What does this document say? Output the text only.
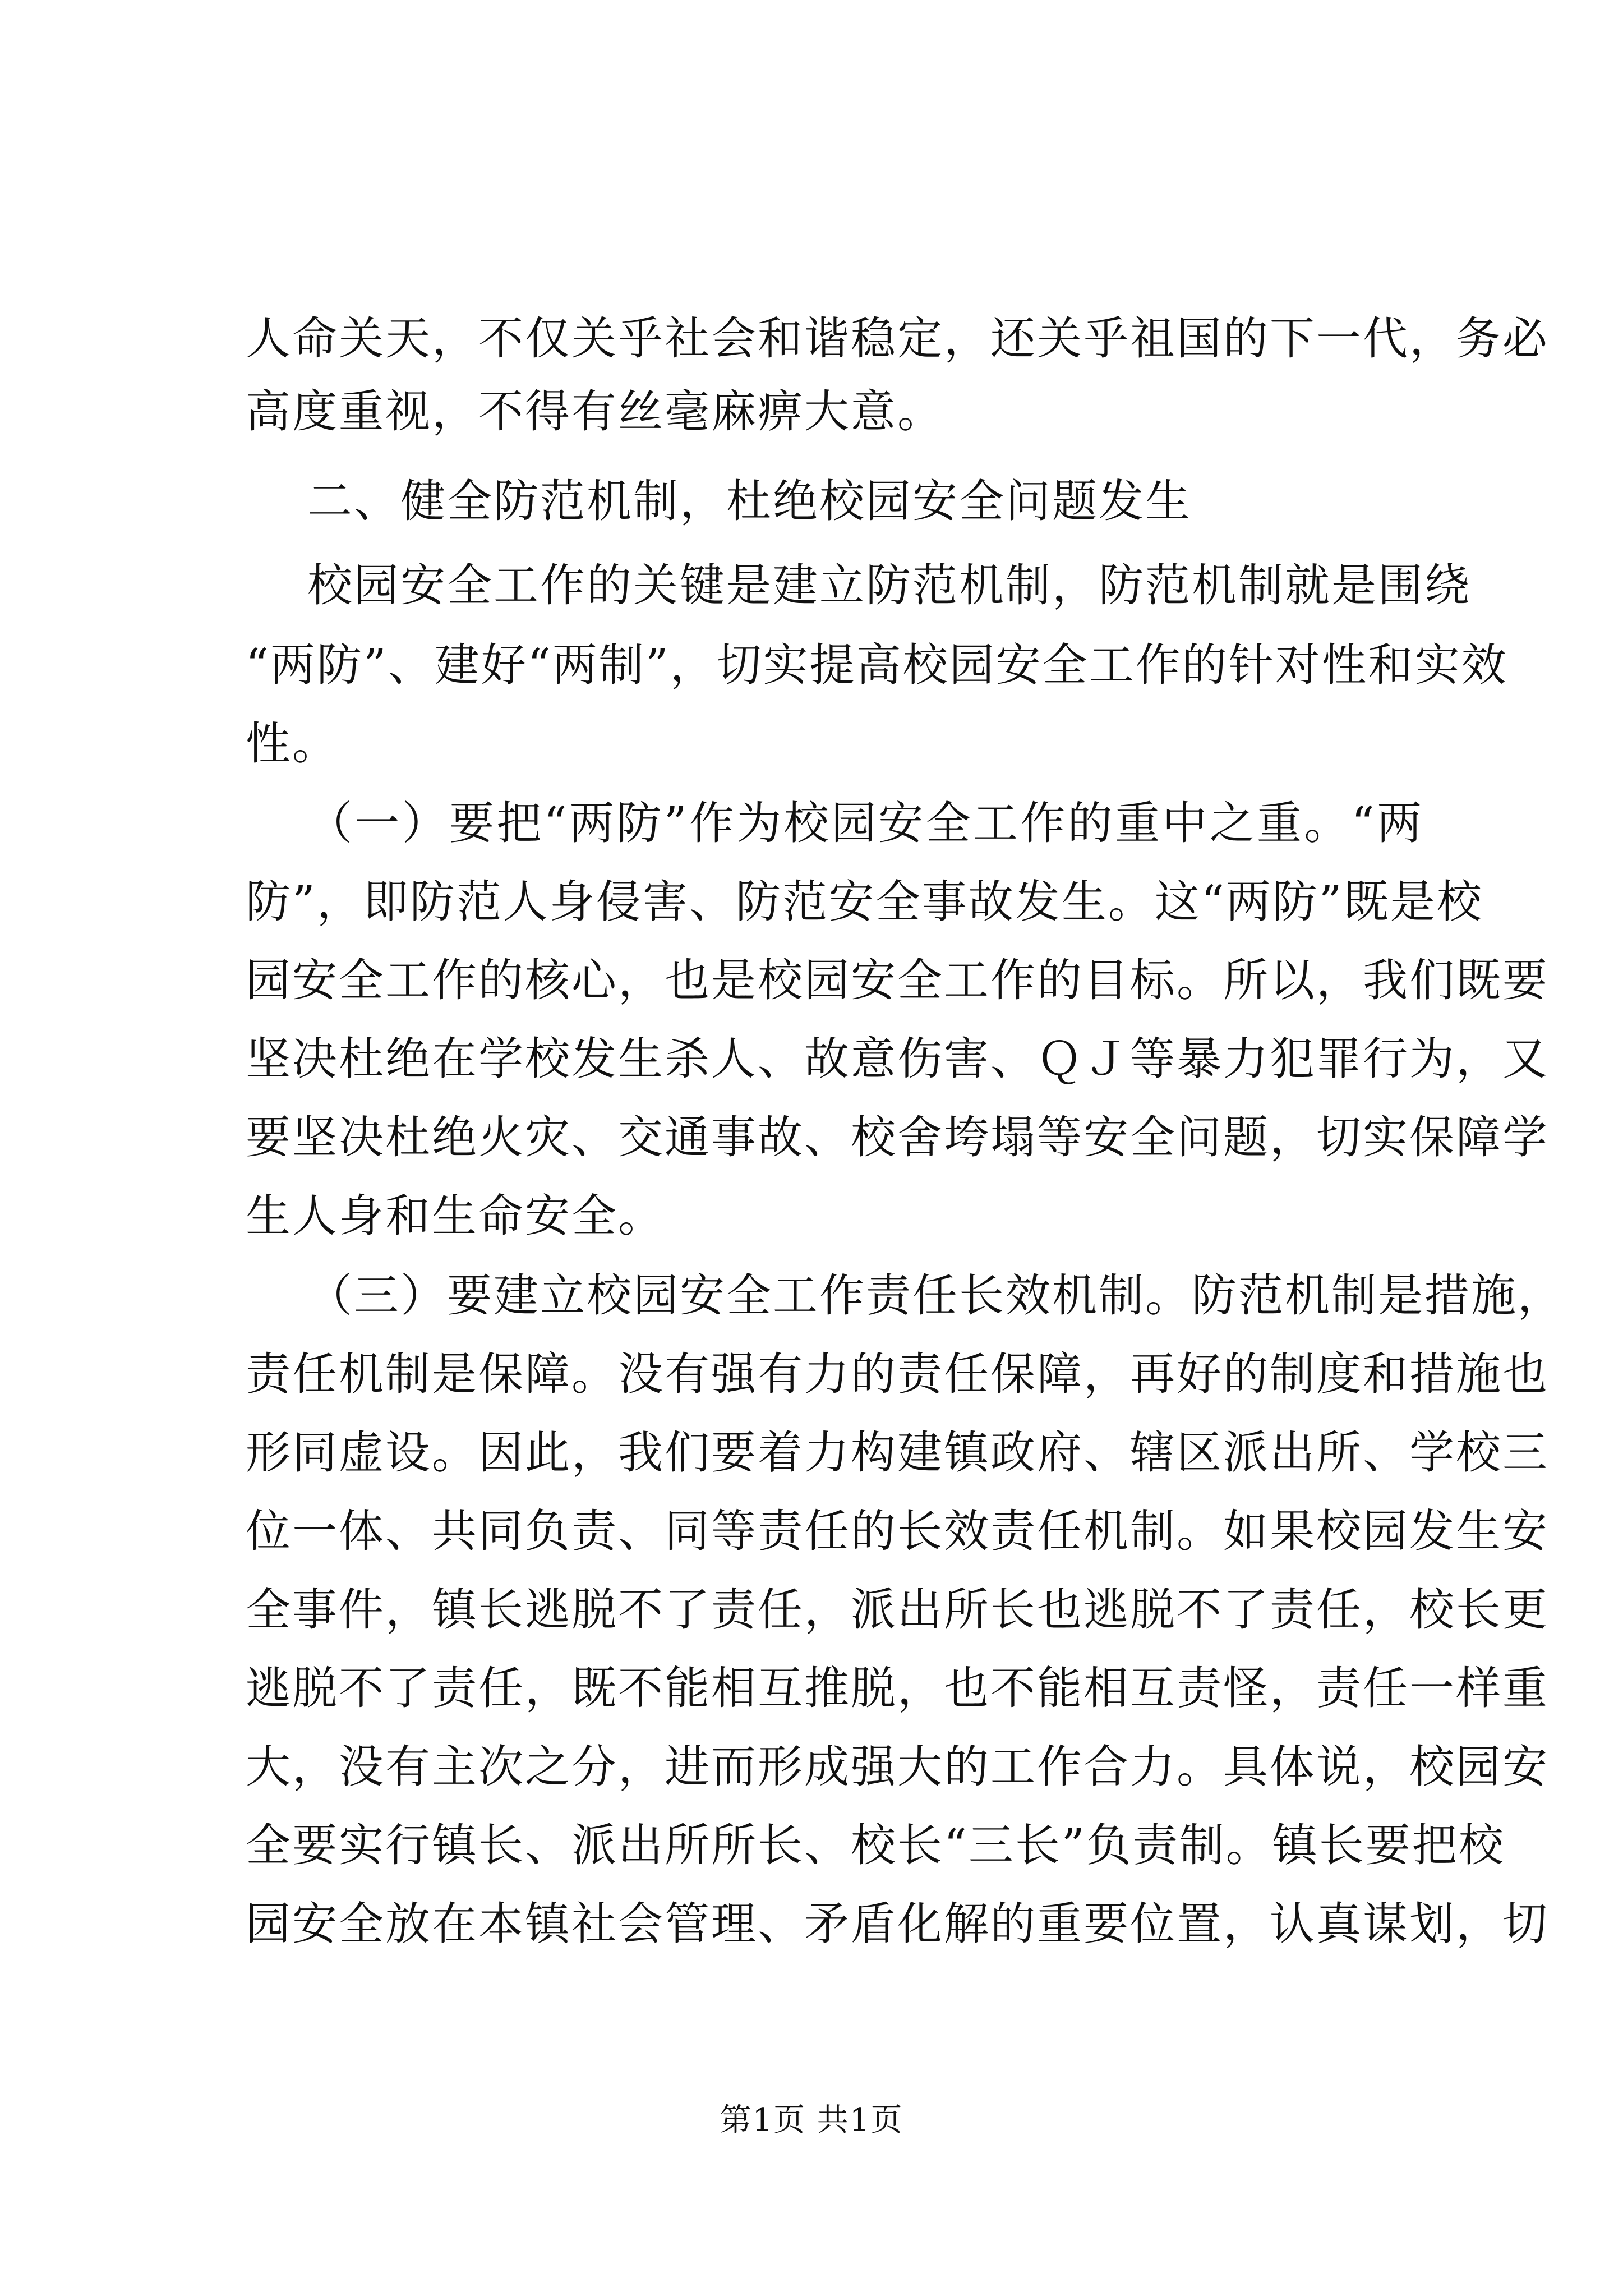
人命关天，不仅关乎社会和谐稳定，还关乎祖国的下一代，务必
高度重视，不得有丝毫麻痹大意。
二、健全防范机制，杜绝校园安全问题发生
校园安全工作的关键是建立防范机制，防范机制就是围绕
“两防”、建好“两制”，切实提高校园安全工作的针对性和实效
性。
（一）要把“两防”作为校园安全工作的重中之重。“两
防”，即防范人身侵害、防范安全事故发生。这“两防”既是校
园安全工作的核心，也是校园安全工作的目标。所以，我们既要
坚决杜绝在学校发生杀人、故意伤害、ＱＪ等暴力犯罪行为，又
要坚决杜绝火灾、交通事故、校舍垮塌等安全问题，切实保障学
生人身和生命安全。
（三）要建立校园安全工作责任长效机制。防范机制是措施，
责任机制是保障。没有强有力的责任保障，再好的制度和措施也
形同虚设。因此，我们要着力构建镇政府、辖区派出所、学校三
位一体、共同负责、同等责任的长效责任机制。如果校园发生安
全事件，镇长逃脱不了责任，派出所长也逃脱不了责任，校长更
逃脱不了责任，既不能相互推脱，也不能相互责怪，责任一样重
大，没有主次之分，进而形成强大的工作合力。具体说，校园安
全要实行镇长、派出所所长、校长“三长”负责制。镇长要把校
园安全放在本镇社会管理、矛盾化解的重要位置，认真谋划，切
第1页 共1页
